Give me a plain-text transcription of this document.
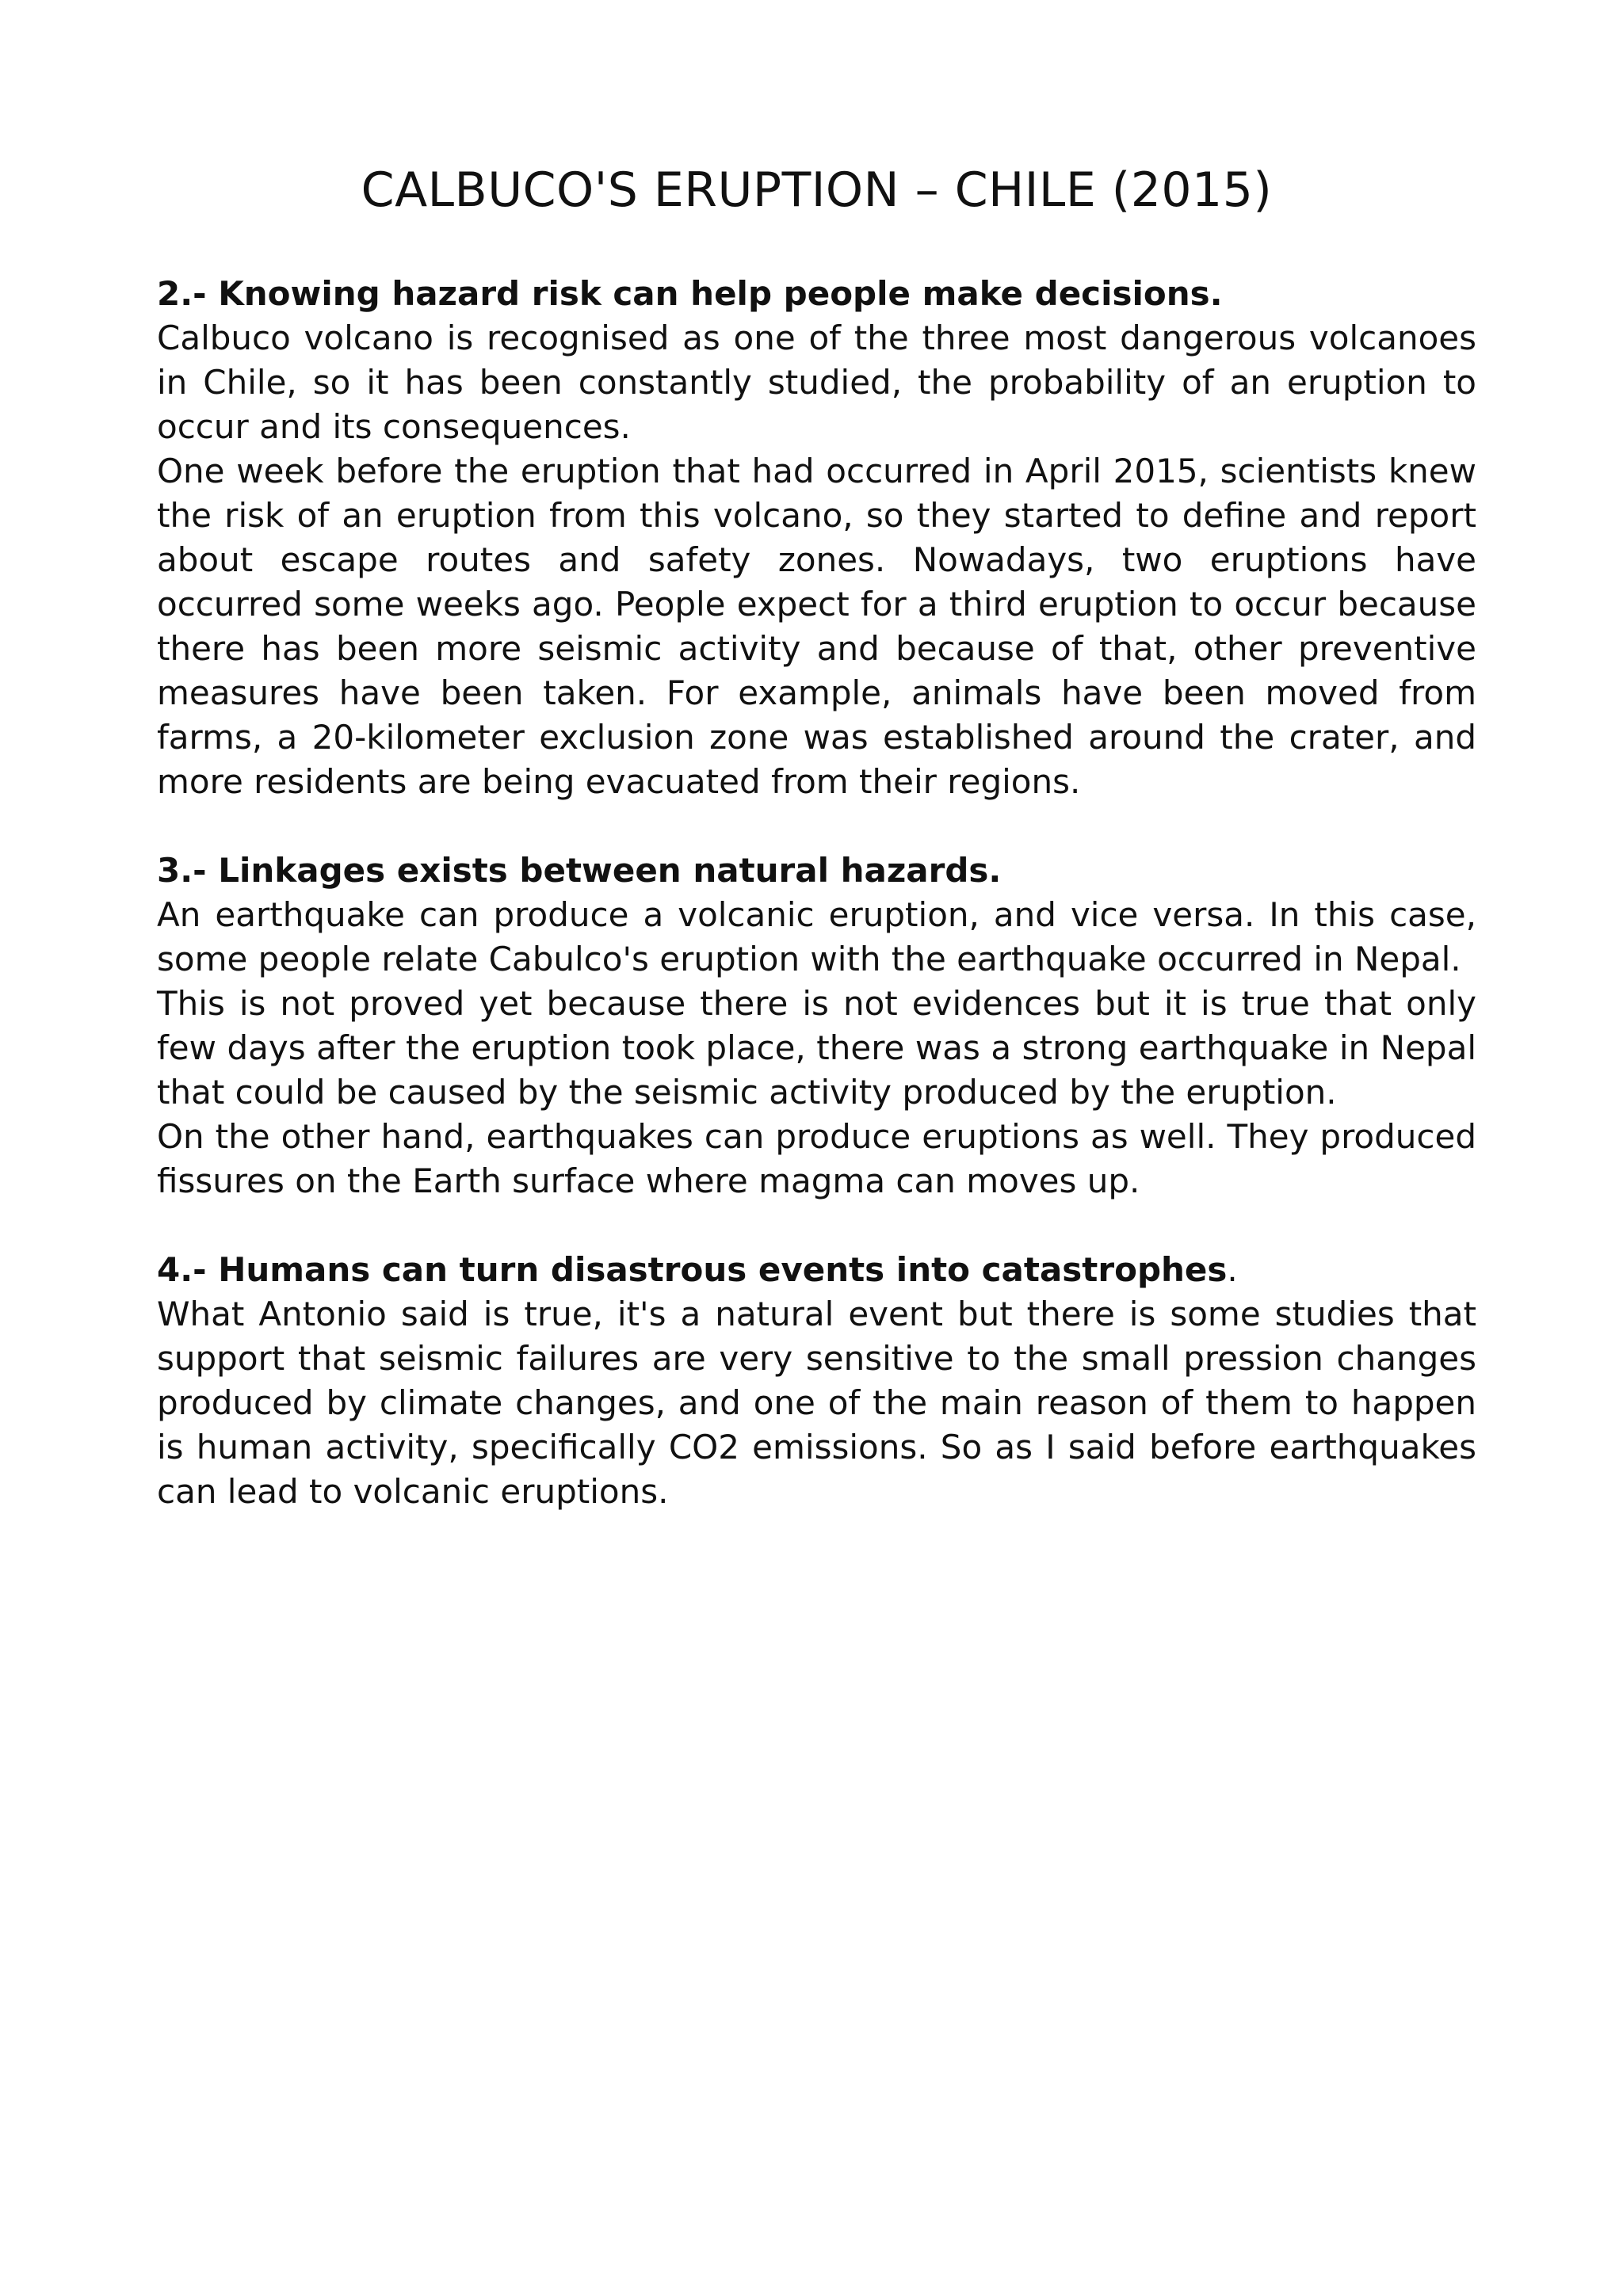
CALBUCO'S ERUPTION – CHILE (2015)

2.- Knowing hazard risk can help people make decisions.

Calbuco volcano is recognised as one of the three most dangerous volcanoes in Chile, so it has been constantly studied, the probability of an eruption to occur and its consequences.

One week before the eruption that had occurred in April 2015, scientists knew the risk of an eruption from this volcano, so they started to define and report about escape routes and safety zones. Nowadays, two eruptions have occurred some weeks ago. People expect for a third eruption to occur because there has been more seismic activity and because of that, other preventive measures have been taken. For example, animals have been moved from farms, a 20-kilometer exclusion zone was established around the crater, and more residents are being evacuated from their regions.

3.- Linkages exists between natural hazards.

An earthquake can produce a volcanic eruption, and vice versa. In this case, some people relate Cabulco's eruption with the earthquake occurred in Nepal.

This is not proved yet because there is not evidences but it is true that only few days after the eruption took place, there was a strong earthquake in Nepal that could be caused by the seismic activity produced by the eruption.

On the other hand, earthquakes can produce eruptions as well. They produced fissures on the Earth surface where magma can moves up.

4.- Humans can turn disastrous events into catastrophes.

What Antonio said is true, it's a natural event but there is some studies that support that seismic failures are very sensitive to the small pression changes produced by climate changes, and one of the main reason of them to happen is human activity, specifically CO2 emissions. So as I said before earthquakes can lead to volcanic eruptions.
